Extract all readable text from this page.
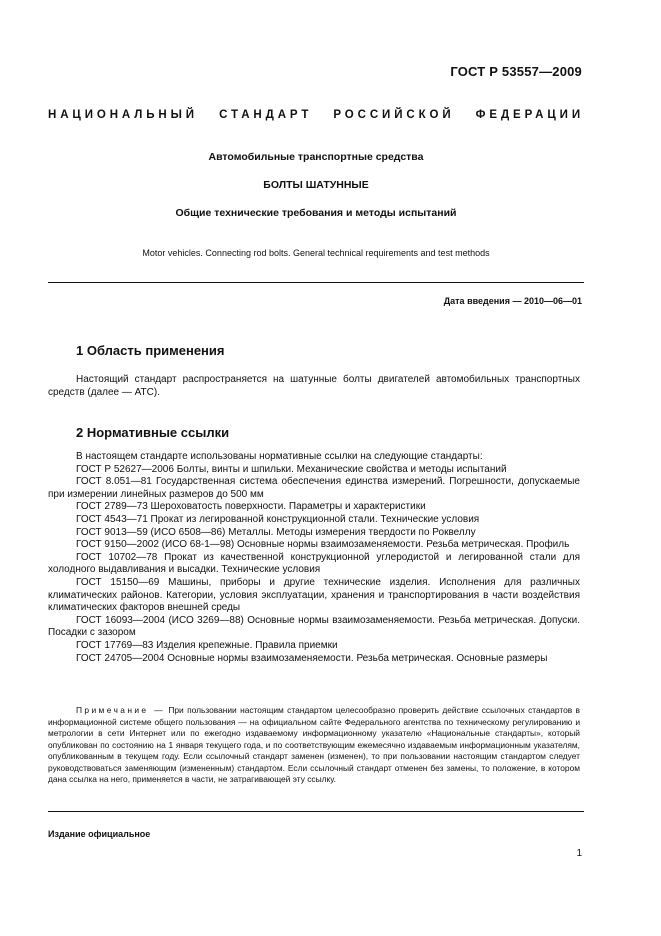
ГОСТ Р 53557—2009
НАЦИОНАЛЬНЫЙ СТАНДАРТ РОССИЙСКОЙ ФЕДЕРАЦИИ
Автомобильные транспортные средства
БОЛТЫ ШАТУННЫЕ
Общие технические требования и методы испытаний
Motor vehicles. Connecting rod bolts. General technical requirements and test methods
Дата введения — 2010—06—01
1 Область применения
Настоящий стандарт распространяется на шатунные болты двигателей автомобильных транспортных средств (далее — АТС).
2 Нормативные ссылки
В настоящем стандарте использованы нормативные ссылки на следующие стандарты:
ГОСТ Р 52627—2006 Болты, винты и шпильки. Механические свойства и методы испытаний
ГОСТ 8.051—81 Государственная система обеспечения единства измерений. Погрешности, допускаемые при измерении линейных размеров до 500 мм
ГОСТ 2789—73 Шероховатость поверхности. Параметры и характеристики
ГОСТ 4543—71 Прокат из легированной конструкционной стали. Технические условия
ГОСТ 9013—59 (ИСО 6508—86) Металлы. Методы измерения твердости по Роквеллу
ГОСТ 9150—2002 (ИСО 68-1—98) Основные нормы взаимозаменяемости. Резьба метрическая. Профиль
ГОСТ 10702—78 Прокат из качественной конструкционной углеродистой и легированной стали для холодного выдавливания и высадки. Технические условия
ГОСТ 15150—69 Машины, приборы и другие технические изделия. Исполнения для различных климатических районов. Категории, условия эксплуатации, хранения и транспортирования в части воздействия климатических факторов внешней среды
ГОСТ 16093—2004 (ИСО 3269—88) Основные нормы взаимозаменяемости. Резьба метрическая. Допуски. Посадки с зазором
ГОСТ 17769—83 Изделия крепежные. Правила приемки
ГОСТ 24705—2004 Основные нормы взаимозаменяемости. Резьба метрическая. Основные размеры
Примечание — При пользовании настоящим стандартом целесообразно проверить действие ссылочных стандартов в информационной системе общего пользования — на официальном сайте Федерального агентства по техническому регулированию и метрологии в сети Интернет или по ежегодно издаваемому информационному указателю «Национальные стандарты», который опубликован по состоянию на 1 января текущего года, и по соответствующим ежемесячно издаваемым информационным указателям, опубликованным в текущем году. Если ссылочный стандарт заменен (изменен), то при пользовании настоящим стандартом следует руководствоваться заменяющим (измененным) стандартом. Если ссылочный стандарт отменен без замены, то положение, в котором дана ссылка на него, применяется в части, не затрагивающей эту ссылку.
Издание официальное
1
